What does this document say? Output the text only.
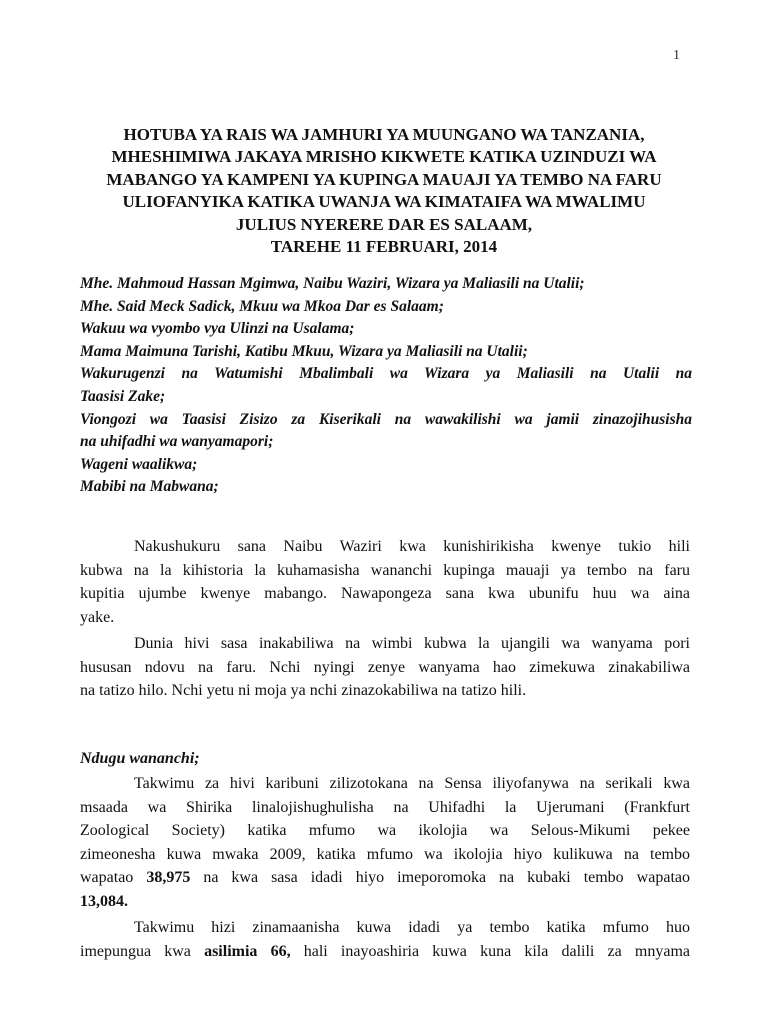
1
HOTUBA YA RAIS WA JAMHURI YA MUUNGANO WA TANZANIA,
MHESHIMIWA JAKAYA MRISHO KIKWETE KATIKA UZINDUZI WA
MABANGO YA KAMPENI YA KUPINGA MAUAJI YA TEMBO NA FARU
ULIOFANYIKA KATIKA UWANJA WA KIMATAIFA WA MWALIMU
JULIUS NYERERE DAR ES SALAAM,
TAREHE 11 FEBRUARI, 2014
Mhe. Mahmoud Hassan Mgimwa, Naibu Waziri, Wizara ya Maliasili na Utalii;
Mhe. Said Meck Sadick, Mkuu wa Mkoa Dar es Salaam;
Wakuu wa vyombo vya Ulinzi na Usalama;
Mama Maimuna Tarishi, Katibu Mkuu, Wizara ya Maliasili na Utalii;
Wakurugenzi na Watumishi Mbalimbali wa Wizara ya Maliasili na Utalii na
Taasisi Zake;
Viongozi wa Taasisi Zisizo za Kiserikali na wawakilishi wa jamii zinazojihusisha
na uhifadhi wa wanyamapori;
Wageni waalikwa;
Mabibi na Mabwana;
Nakushukuru sana Naibu Waziri kwa kunishirikisha kwenye tukio hili
kubwa na la kihistoria la kuhamasisha wananchi kupinga mauaji ya tembo na faru
kupitia ujumbe kwenye mabango. Nawapongeza sana kwa ubunifu huu wa aina
yake.
Dunia hivi sasa inakabiliwa na wimbi kubwa la ujangili wa wanyama pori
hususan ndovu na faru. Nchi nyingi zenye wanyama hao zimekuwa zinakabiliwa
na tatizo hilo. Nchi yetu ni moja ya nchi zinazokabiliwa na tatizo hili.
Ndugu wananchi;
Takwimu za hivi karibuni zilizotokana na Sensa iliyofanywa na serikali kwa
msaada wa Shirika linalojishughulisha na Uhifadhi la Ujerumani (Frankfurt
Zoological Society) katika mfumo wa ikolojia wa Selous-Mikumi pekee
zimeonesha kuwa mwaka 2009, katika mfumo wa ikolojia hiyo kulikuwa na tembo
wapatao 38,975 na kwa sasa idadi hiyo imeporomoka na kubaki tembo wapatao
13,084.
Takwimu hizi zinamaanisha kuwa idadi ya tembo katika mfumo huo
imepungua kwa asilimia 66, hali inayoashiria kuwa kuna kila dalili za mnyama
